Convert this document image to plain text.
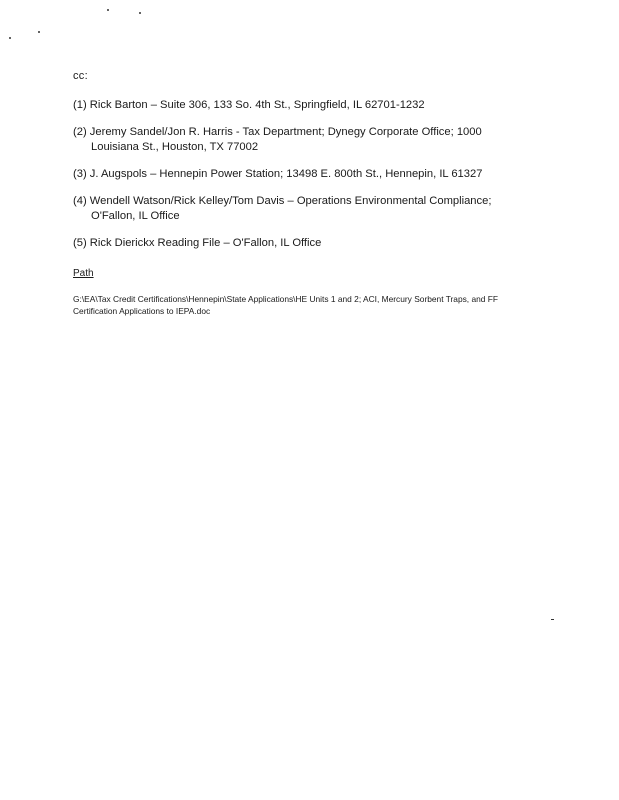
cc:
(1) Rick Barton – Suite 306, 133 So. 4th St., Springfield, IL 62701-1232
(2) Jeremy Sandel/Jon R. Harris - Tax Department; Dynegy Corporate Office; 1000
Louisiana St., Houston, TX 77002
(3) J. Augspols – Hennepin Power Station; 13498 E. 800th St., Hennepin, IL 61327
(4) Wendell Watson/Rick Kelley/Tom Davis – Operations Environmental Compliance;
O'Fallon, IL Office
(5) Rick Dierickx Reading File – O'Fallon, IL Office
Path
G:\EA\Tax Credit Certifications\Hennepin\State Applications\HE Units 1 and 2; ACI, Mercury Sorbent Traps, and FF Certification Applications to IEPA.doc
